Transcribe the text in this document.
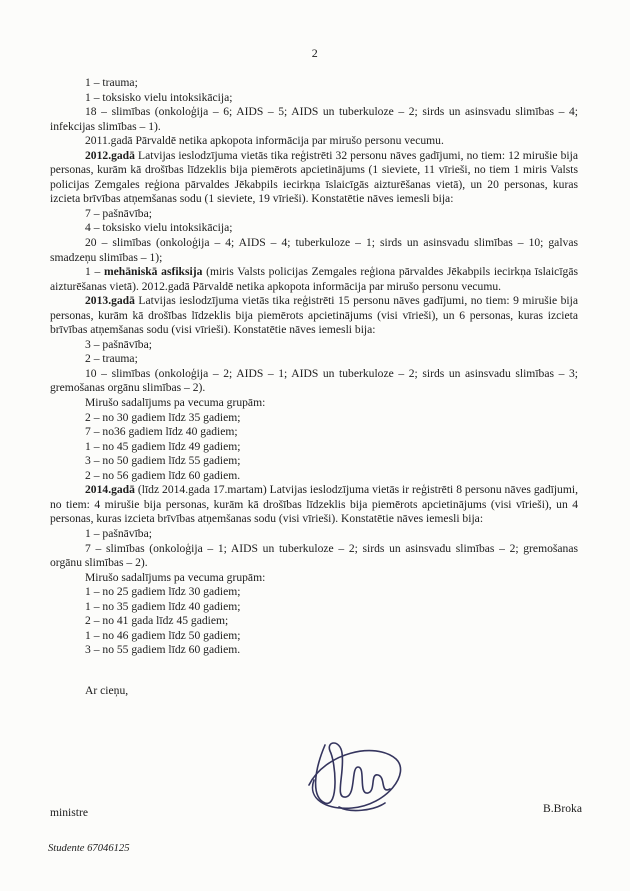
2

1 – trauma;

1 – toksisko vielu intoksikācija;

18 – slimības (onkoloģija – 6; AIDS – 5; AIDS un tuberkuloze – 2; sirds un asinsvadu slimības – 4; infekcijas slimības – 1).

2011.gadā Pārvaldē netika apkopota informācija par mirušo personu vecumu.

2012.gadā Latvijas ieslodzījuma vietās tika reģistrēti 32 personu nāves gadījumi, no tiem: 12 mirušie bija personas, kurām kā drošības līdzeklis bija piemērots apcietinājums (1 sieviete, 11 vīrieši, no tiem 1 miris Valsts policijas Zemgales reģiona pārvaldes Jēkabpils iecirkņa īslaicīgās aizturēšanas vietā), un 20 personas, kuras izcieta brīvības atņemšanas sodu (1 sieviete, 19 vīrieši). Konstatētie nāves iemesli bija:

7 – pašnāvība;

4 – toksisko vielu intoksikācija;

20 – slimības (onkoloģija – 4; AIDS – 4; tuberkuloze – 1; sirds un asinsvadu slimības – 10; galvas smadzeņu slimības – 1);

1 – mehāniskā asfiksija (miris Valsts policijas Zemgales reģiona pārvaldes Jēkabpils iecirkņa īslaicīgās aizturēšanas vietā). 2012.gadā Pārvaldē netika apkopota informācija par mirušo personu vecumu.

2013.gadā Latvijas ieslodzījuma vietās tika reģistrēti 15 personu nāves gadījumi, no tiem: 9 mirušie bija personas, kurām kā drošības līdzeklis bija piemērots apcietinājums (visi vīrieši), un 6 personas, kuras izcieta brīvības atņemšanas sodu (visi vīrieši). Konstatētie nāves iemesli bija:

3 – pašnāvība;

2 – trauma;

10 – slimības (onkoloģija – 2; AIDS – 1; AIDS un tuberkuloze – 2; sirds un asinsvadu slimības – 3; gremošanas orgānu slimības – 2).

Mirušo sadalījums pa vecuma grupām:

2 – no 30 gadiem līdz 35 gadiem;

7 – no36 gadiem līdz 40 gadiem;

1 – no 45 gadiem līdz 49 gadiem;

3 – no 50 gadiem līdz 55 gadiem;

2 – no 56 gadiem līdz 60 gadiem.

2014.gadā (līdz 2014.gada 17.martam) Latvijas ieslodzījuma vietās ir reģistrēti 8 personu nāves gadījumi, no tiem: 4 mirušie bija personas, kurām kā drošības līdzeklis bija piemērots apcietinājums (visi vīrieši), un 4 personas, kuras izcieta brīvības atņemšanas sodu (visi vīrieši). Konstatētie nāves iemesli bija:

1 – pašnāvība;

7 – slimības (onkoloģija – 1; AIDS un tuberkuloze – 2; sirds un asinsvadu slimības – 2; gremošanas orgānu slimības – 2).

Mirušo sadalījums pa vecuma grupām:

1 – no 25 gadiem līdz 30 gadiem;

1 – no 35 gadiem līdz 40 gadiem;

2 – no 41 gada līdz 45 gadiem;

1 – no 46 gadiem līdz 50 gadiem;

3 – no 55 gadiem līdz 60 gadiem.

Ar cieņu,

ministre	B.Broka
Studente 67046125
